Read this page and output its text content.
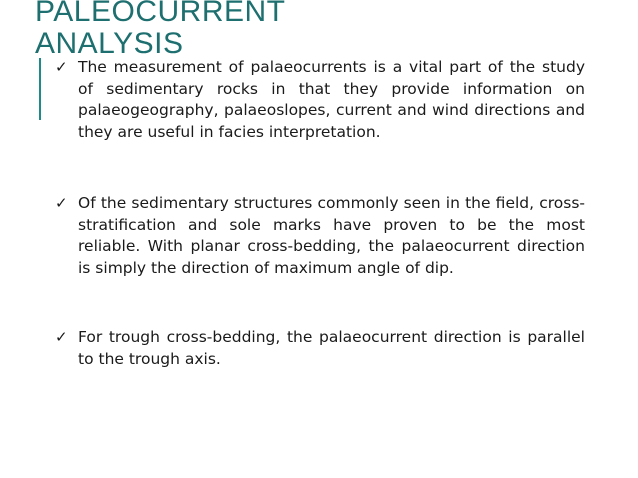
PALEOCURRENT
ANALYSIS
✓ The measurement of palaeocurrents is a vital part of the study of sedimentary rocks in that they provide information on palaeogeography, palaeoslopes, current and wind directions and they are useful in facies interpretation.
✓ Of the sedimentary structures commonly seen in the field, cross-stratification and sole marks have proven to be the most reliable. With planar cross-bedding, the palaeocurrent direction is simply the direction of maximum angle of dip.
✓ For trough cross-bedding, the palaeocurrent direction is parallel to the trough axis.
